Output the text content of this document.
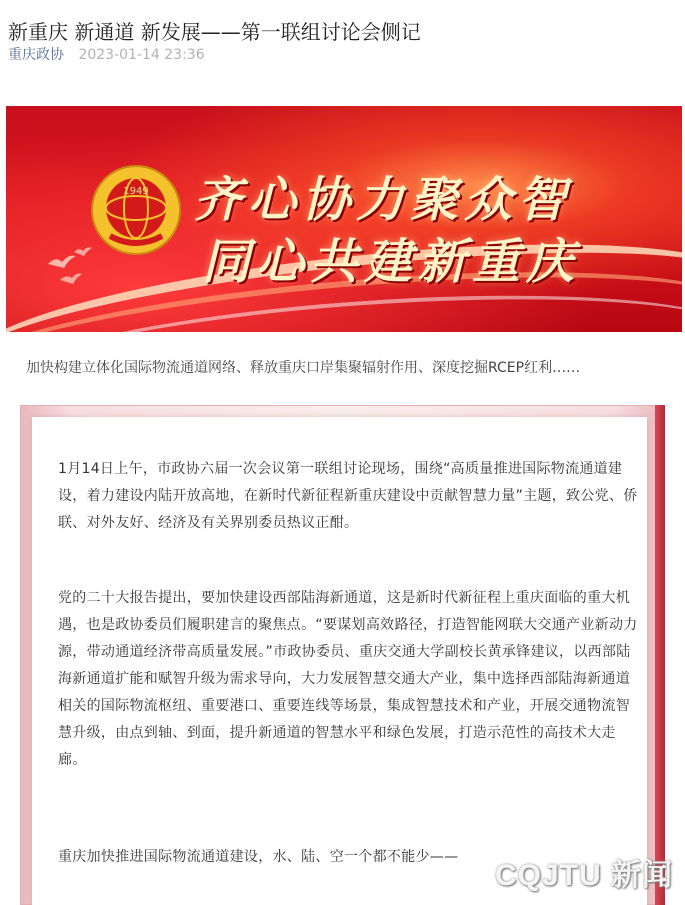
新重庆 新通道 新发展——第一联组讨论会侧记
重庆政协 2023-01-14 23:36
1949 齐心协力聚众智
同心共建新重庆
加快构建立体化国际物流通道网络、释放重庆口岸集聚辐射作用、深度挖掘RCEP红利……

1月14日上午，市政协六届一次会议第一联组讨论现场，围绕“高质量推进国际物流通道建设，着力建设内陆开放高地，在新时代新征程新重庆建设中贡献智慧力量”主题，致公党、侨联、对外友好、经济及有关界别委员热议正酣。

党的二十大报告提出，要加快建设西部陆海新通道，这是新时代新征程上重庆面临的重大机遇，也是政协委员们履职建言的聚焦点。“要谋划高效路径，打造智能网联大交通产业新动力源，带动通道经济带高质量发展。”市政协委员、重庆交通大学副校长黄承锋建议，以西部陆海新通道扩能和赋智升级为需求导向，大力发展智慧交通大产业，集中选择西部陆海新通道相关的国际物流枢纽、重要港口、重要连线等场景，集成智慧技术和产业，开展交通物流智慧升级，由点到轴、到面，提升新通道的智慧水平和绿色发展，打造示范性的高技术大走廊。

重庆加快推进国际物流通道建设，水、陆、空一个都不能少——

CQJTU 新闻
